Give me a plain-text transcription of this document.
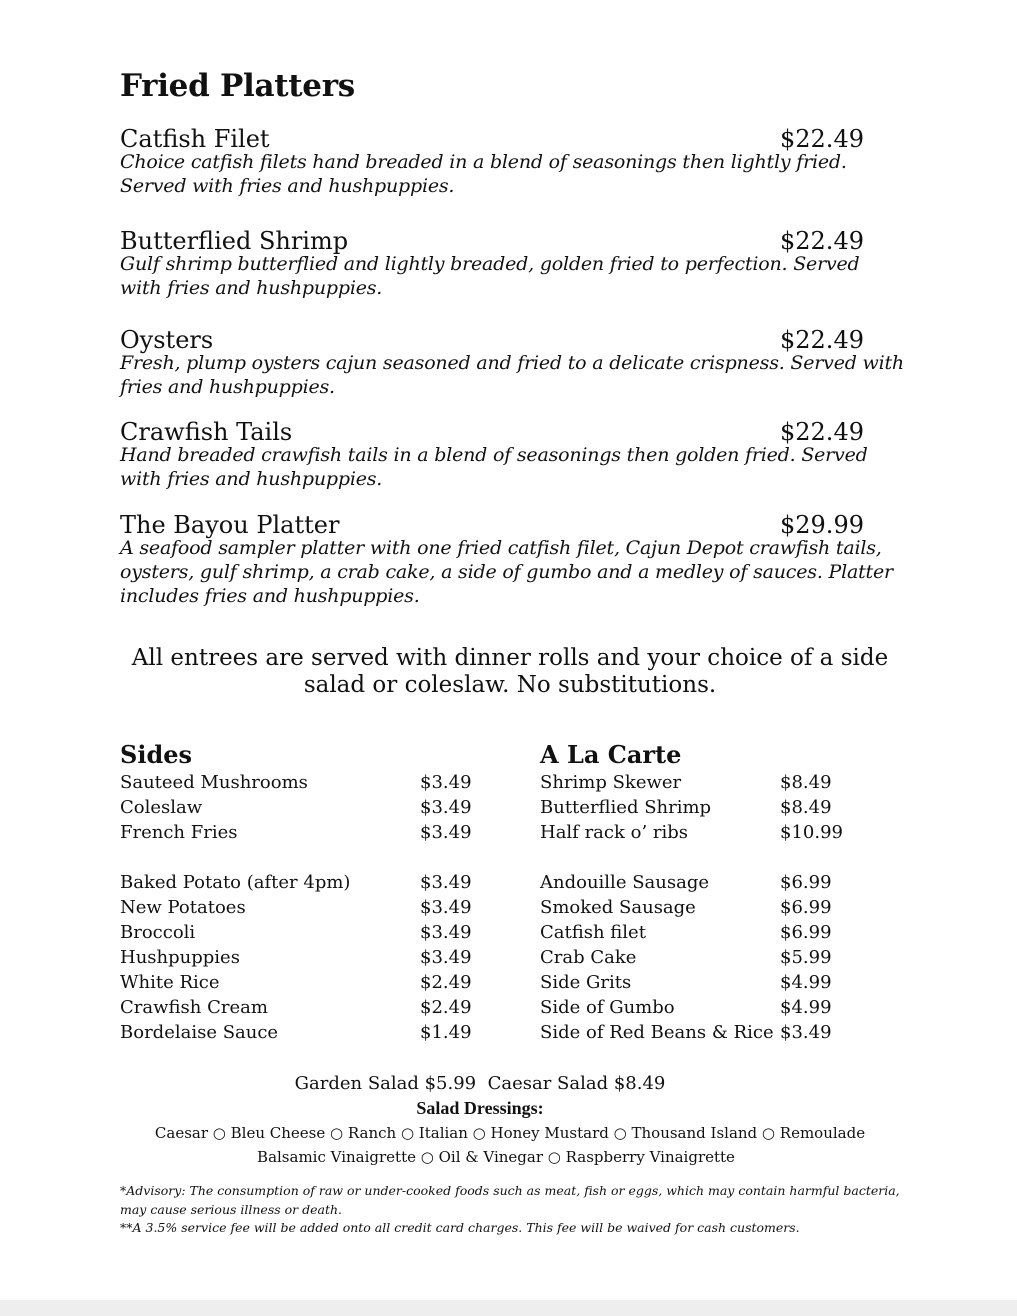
Fried Platters
Catfish Filet	$22.49
Choice catfish filets hand breaded in a blend of seasonings then lightly fried. Served with fries and hushpuppies.
Butterflied Shrimp	$22.49
Gulf shrimp butterflied and lightly breaded, golden fried to perfection. Served with fries and hushpuppies.
Oysters	$22.49
Fresh, plump oysters cajun seasoned and fried to a delicate crispness. Served with fries and hushpuppies.
Crawfish Tails	$22.49
Hand breaded crawfish tails in a blend of seasonings then golden fried. Served with fries and hushpuppies.
The Bayou Platter	$29.99
A seafood sampler platter with one fried catfish filet, Cajun Depot crawfish tails, oysters, gulf shrimp, a crab cake, a side of gumbo and a medley of sauces. Platter includes fries and hushpuppies.
All entrees are served with dinner rolls and your choice of a side salad or coleslaw. No substitutions.
Sides
Sauteed Mushrooms	$3.49
Coleslaw	$3.49
French Fries	$3.49
Baked Potato (after 4pm)	$3.49
New Potatoes	$3.49
Broccoli	$3.49
Hushpuppies	$3.49
White Rice	$2.49
Crawfish Cream	$2.49
Bordelaise Sauce	$1.49
A La Carte
Shrimp Skewer	$8.49
Butterflied Shrimp	$8.49
Half rack o’ ribs	$10.99
Andouille Sausage	$6.99
Smoked Sausage	$6.99
Catfish filet	$6.99
Crab Cake	$5.99
Side Grits	$4.99
Side of Gumbo	$4.99
Side of Red Beans & Rice $3.49
Garden Salad $5.99 Caesar Salad $8.49
Salad Dressings:
Caesar ○ Bleu Cheese ○ Ranch ○ Italian ○ Honey Mustard ○ Thousand Island ○ Remoulade
Balsamic Vinaigrette ○ Oil & Vinegar ○ Raspberry Vinaigrette
*Advisory: The consumption of raw or under-cooked foods such as meat, fish or eggs, which may contain harmful bacteria, may cause serious illness or death.
**A 3.5% service fee will be added onto all credit card charges. This fee will be waived for cash customers.
